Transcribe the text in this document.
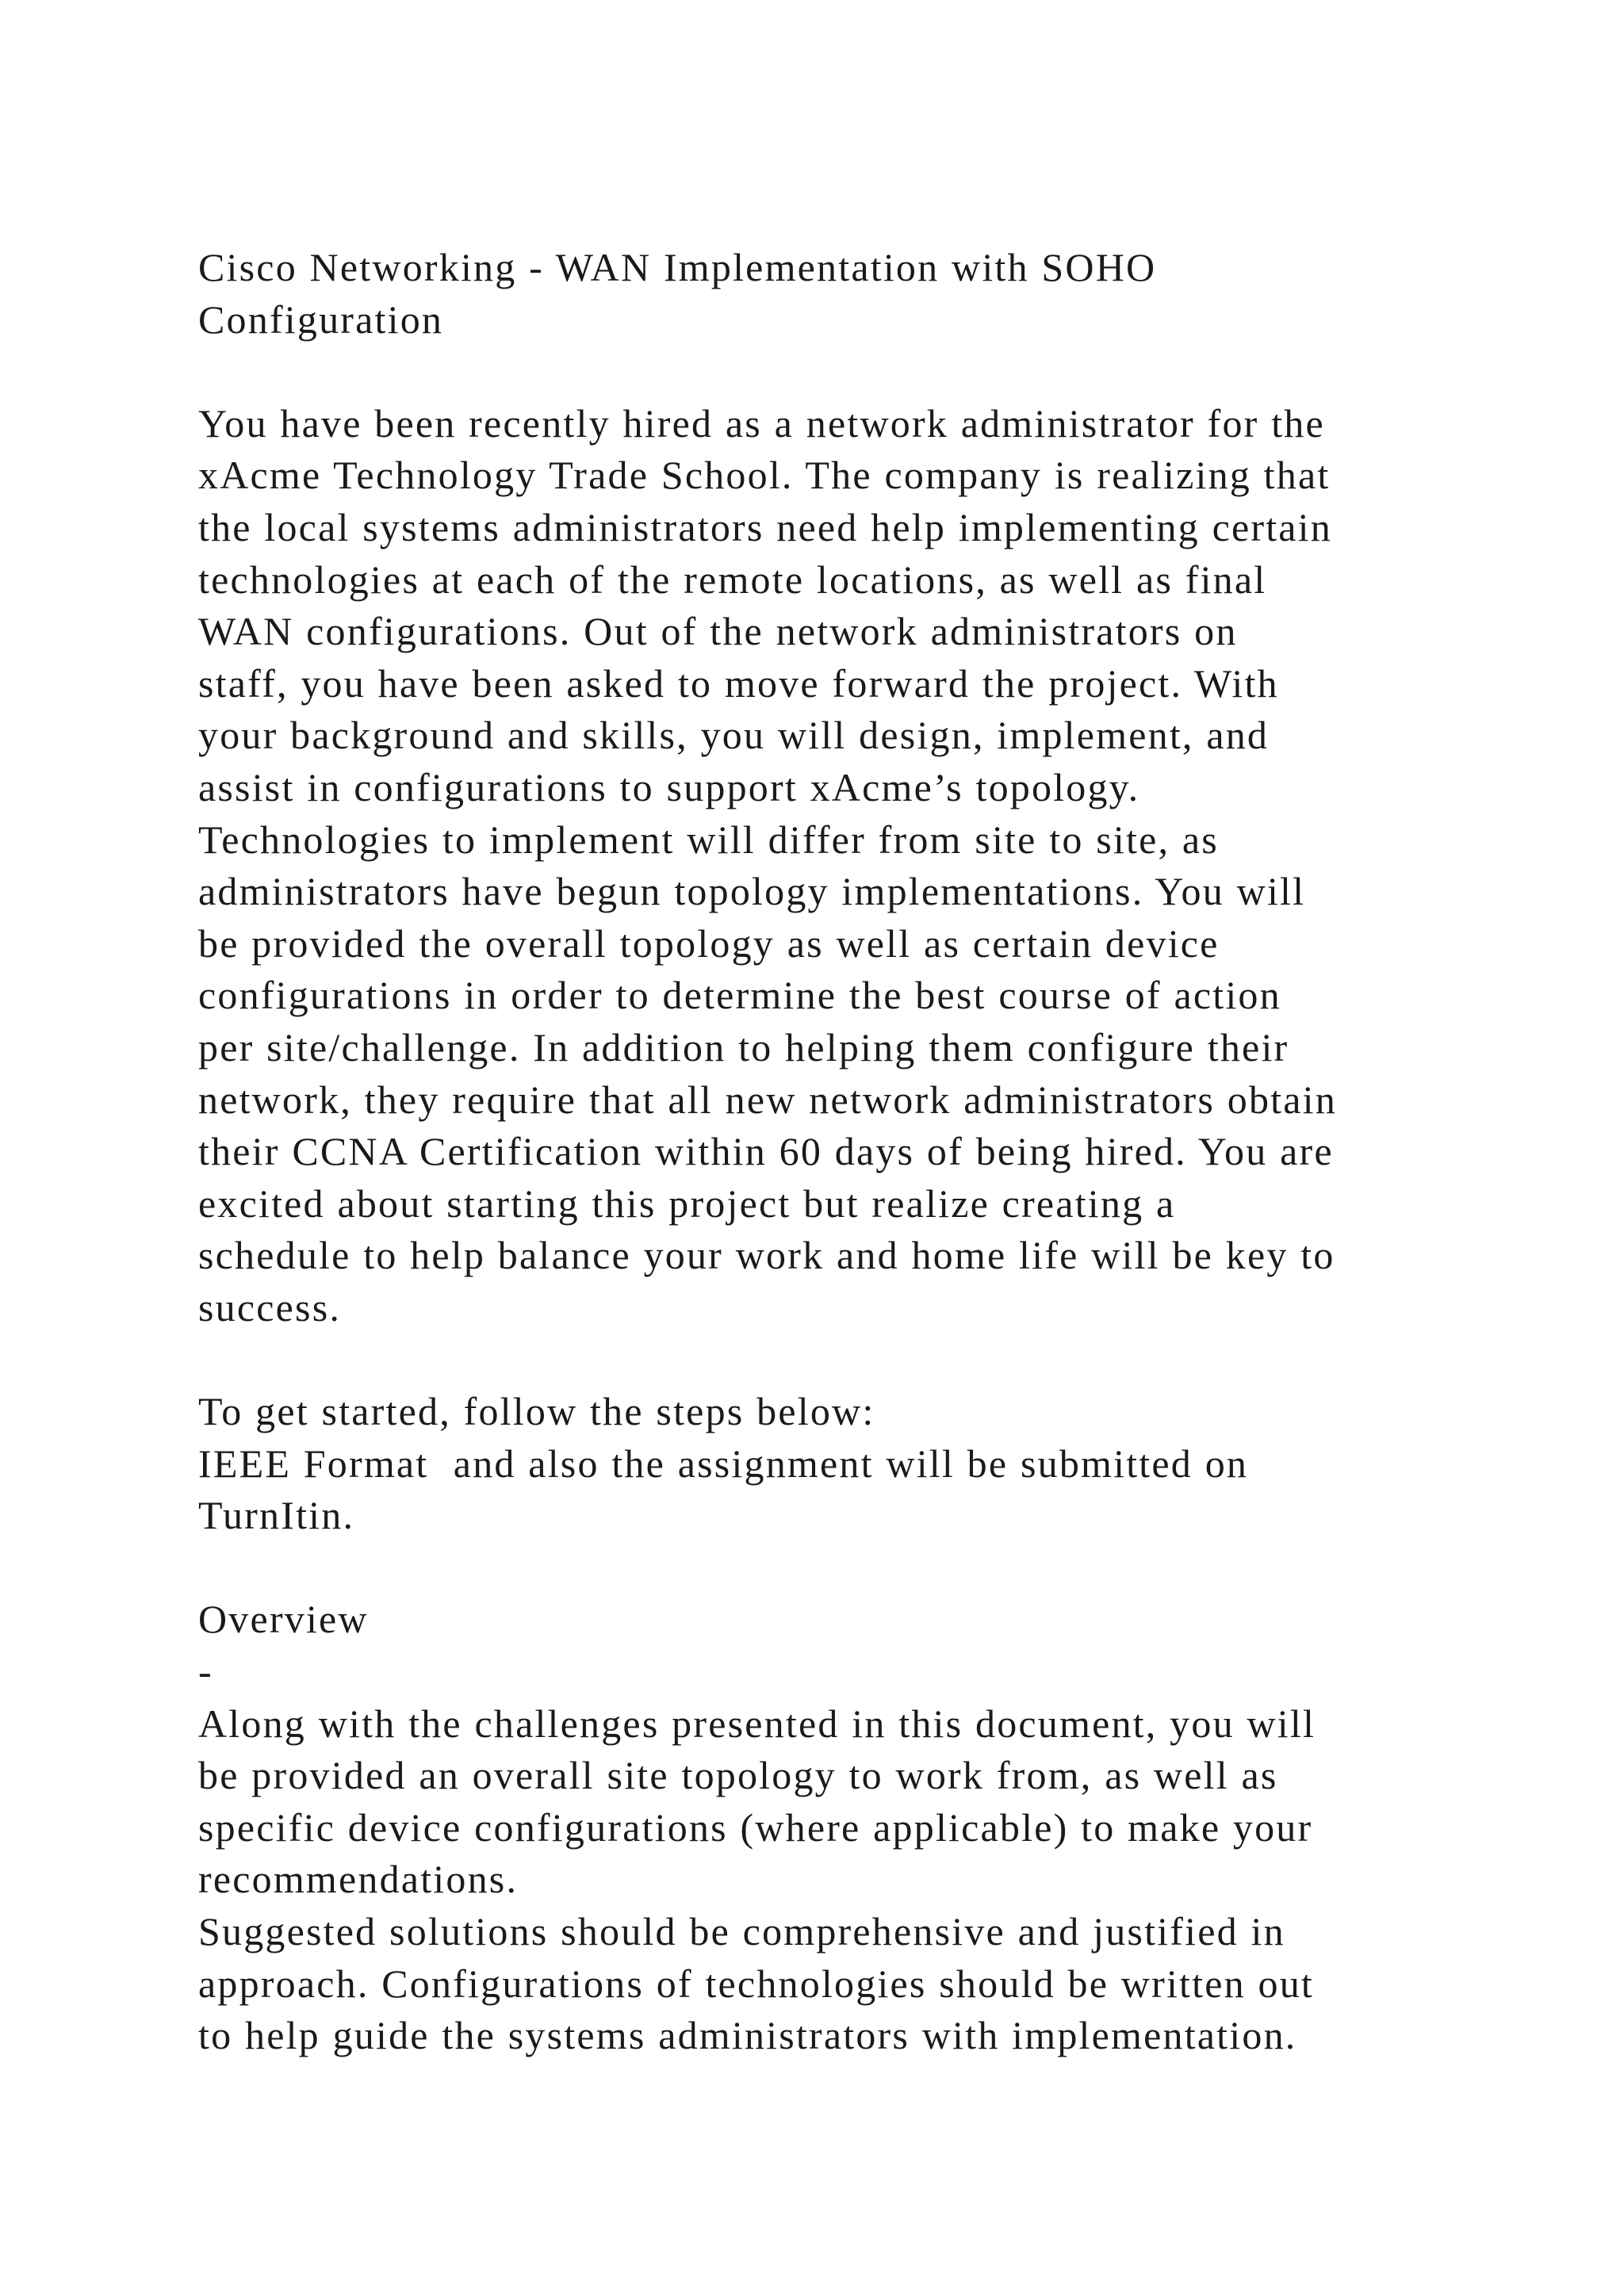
Cisco Networking - WAN Implementation with SOHO
Configuration
You have been recently hired as a network administrator for the
xAcme Technology Trade School. The company is realizing that
the local systems administrators need help implementing certain
technologies at each of the remote locations, as well as final
WAN configurations. Out of the network administrators on
staff, you have been asked to move forward the project. With
your background and skills, you will design, implement, and
assist in configurations to support xAcme’s topology.
Technologies to implement will differ from site to site, as
administrators have begun topology implementations. You will
be provided the overall topology as well as certain device
configurations in order to determine the best course of action
per site/challenge. In addition to helping them configure their
network, they require that all new network administrators obtain
their CCNA Certification within 60 days of being hired. You are
excited about starting this project but realize creating a
schedule to help balance your work and home life will be key to
success.
To get started, follow the steps below:
IEEE Format  and also the assignment will be submitted on
TurnItin.
Overview
-
Along with the challenges presented in this document, you will
be provided an overall site topology to work from, as well as
specific device configurations (where applicable) to make your
recommendations.
Suggested solutions should be comprehensive and justified in
approach. Configurations of technologies should be written out
to help guide the systems administrators with implementation.
